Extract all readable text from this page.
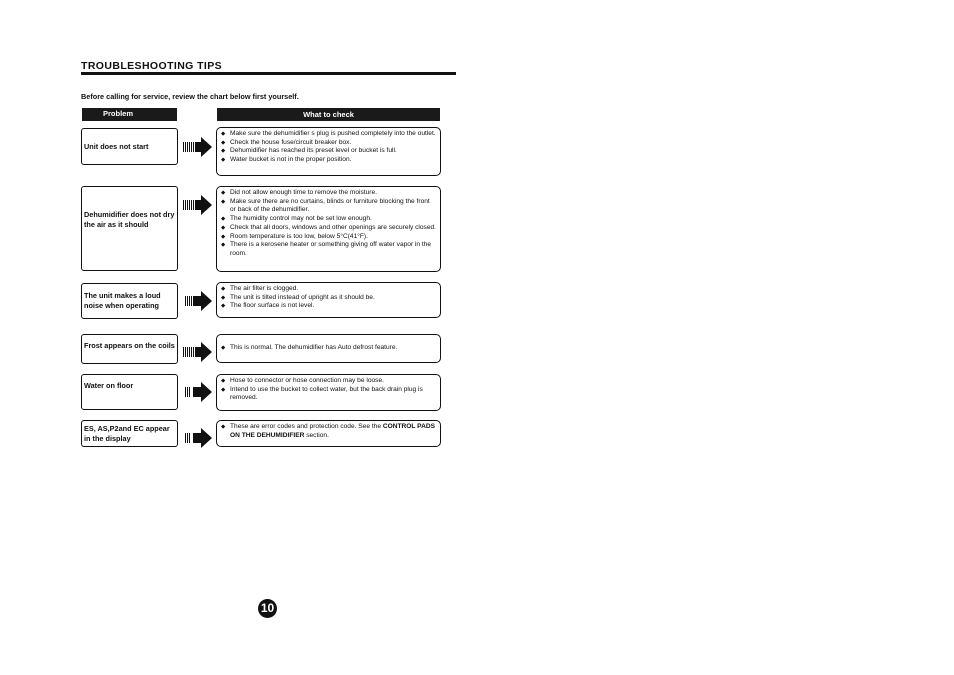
TROUBLESHOOTING TIPS
Before calling for service, review the chart below first yourself.
Problem	What to check
Unit does not start
◆ Make sure the dehumidifier s plug is pushed completely into the outlet.
◆ Check the house fuse/circuit breaker box.
◆ Dehumidifier has reached its preset level or bucket is full.
◆ Water bucket is not in the proper position.
Dehumidifier does not dry the air as it should
◆ Did not allow enough time to remove the moisture.
◆ Make sure there are no curtains, blinds or furniture blocking the front or back of the dehumidifier.
◆ The humidity control may not be set low enough.
◆ Check that all doors, windows and other openings are securely closed.
◆ Room temperature is too low, below 5°C(41°F).
◆ There is a kerosene heater or something giving off water vapor in the room.
The unit makes a loud noise when operating
◆ The air filter is clogged.
◆ The unit is tilted instead of upright as it should be.
◆ The floor surface is not level.
Frost appears on the coils
◆	This is normal. The dehumidifier has Auto defrost feature.
Water on floor
◆ Hose to connector or hose connection may be loose.
◆ Intend to use the bucket to collect water, but the back drain plug is removed.
ES, AS,P2and EC appear in the display
◆ These are error codes and protection code. See the CONTROL PADS ON THE DEHUMIDIFIER section.
10
